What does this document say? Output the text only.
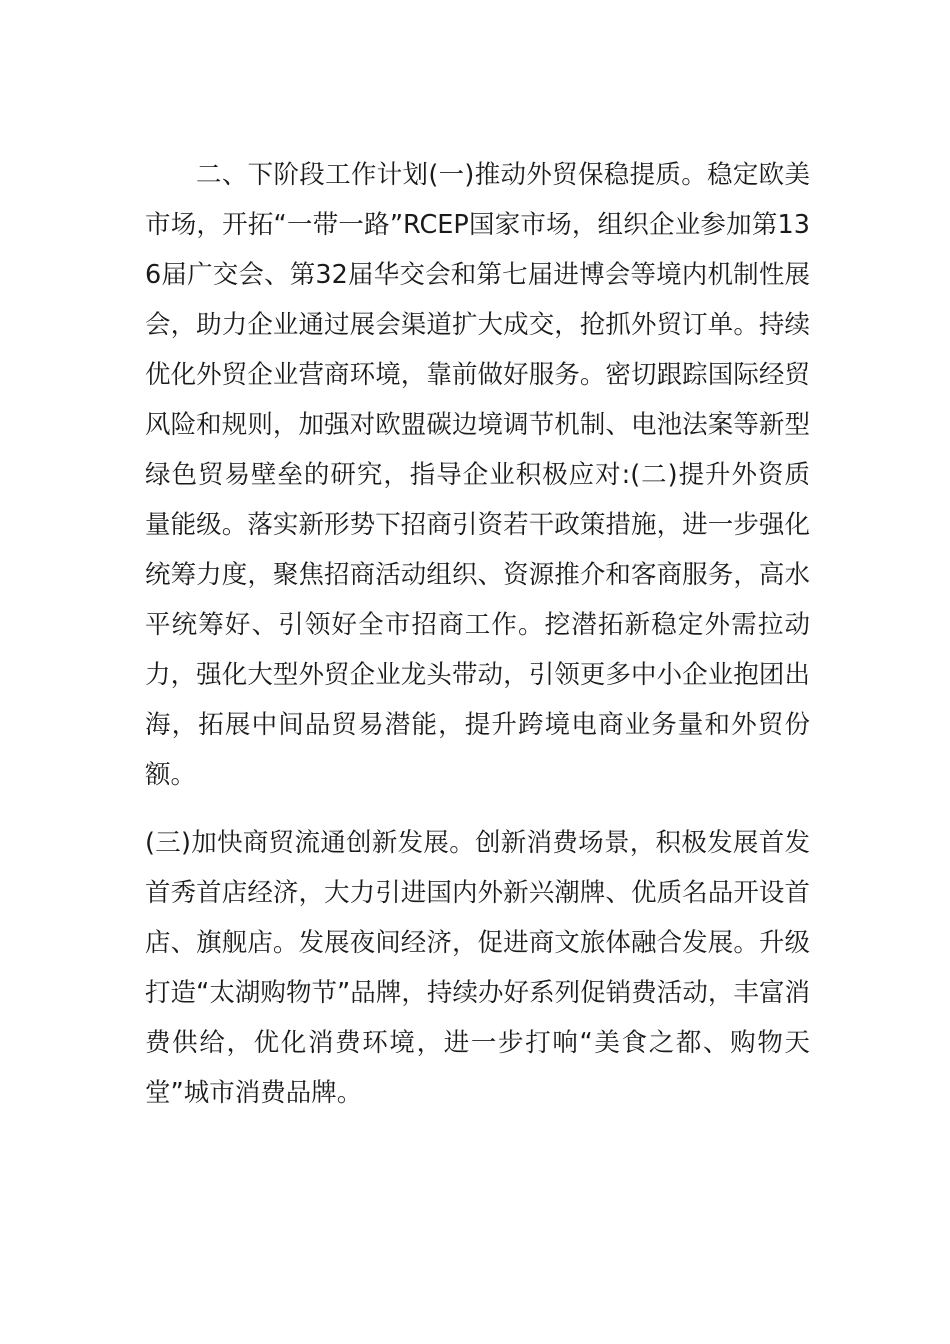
二、下阶段工作计划(一)推动外贸保稳提质。稳定欧美市场，开拓“一带一路”RCEP国家市场，组织企业参加第136届广交会、第32届华交会和第七届进博会等境内机制性展会，助力企业通过展会渠道扩大成交，抢抓外贸订单。持续优化外贸企业营商环境，靠前做好服务。密切跟踪国际经贸风险和规则，加强对欧盟碳边境调节机制、电池法案等新型绿色贸易壁垒的研究，指导企业积极应对:(二)提升外资质量能级。落实新形势下招商引资若干政策措施，进一步强化统筹力度，聚焦招商活动组织、资源推介和客商服务，高水平统筹好、引领好全市招商工作。挖潜拓新稳定外需拉动力，强化大型外贸企业龙头带动，引领更多中小企业抱团出海，拓展中间品贸易潜能，提升跨境电商业务量和外贸份额。

(三)加快商贸流通创新发展。创新消费场景，积极发展首发首秀首店经济，大力引进国内外新兴潮牌、优质名品开设首店、旗舰店。发展夜间经济，促进商文旅体融合发展。升级打造“太湖购物节”品牌，持续办好系列促销费活动，丰富消费供给，优化消费环境，进一步打响“美食之都、购物天堂”城市消费品牌。
